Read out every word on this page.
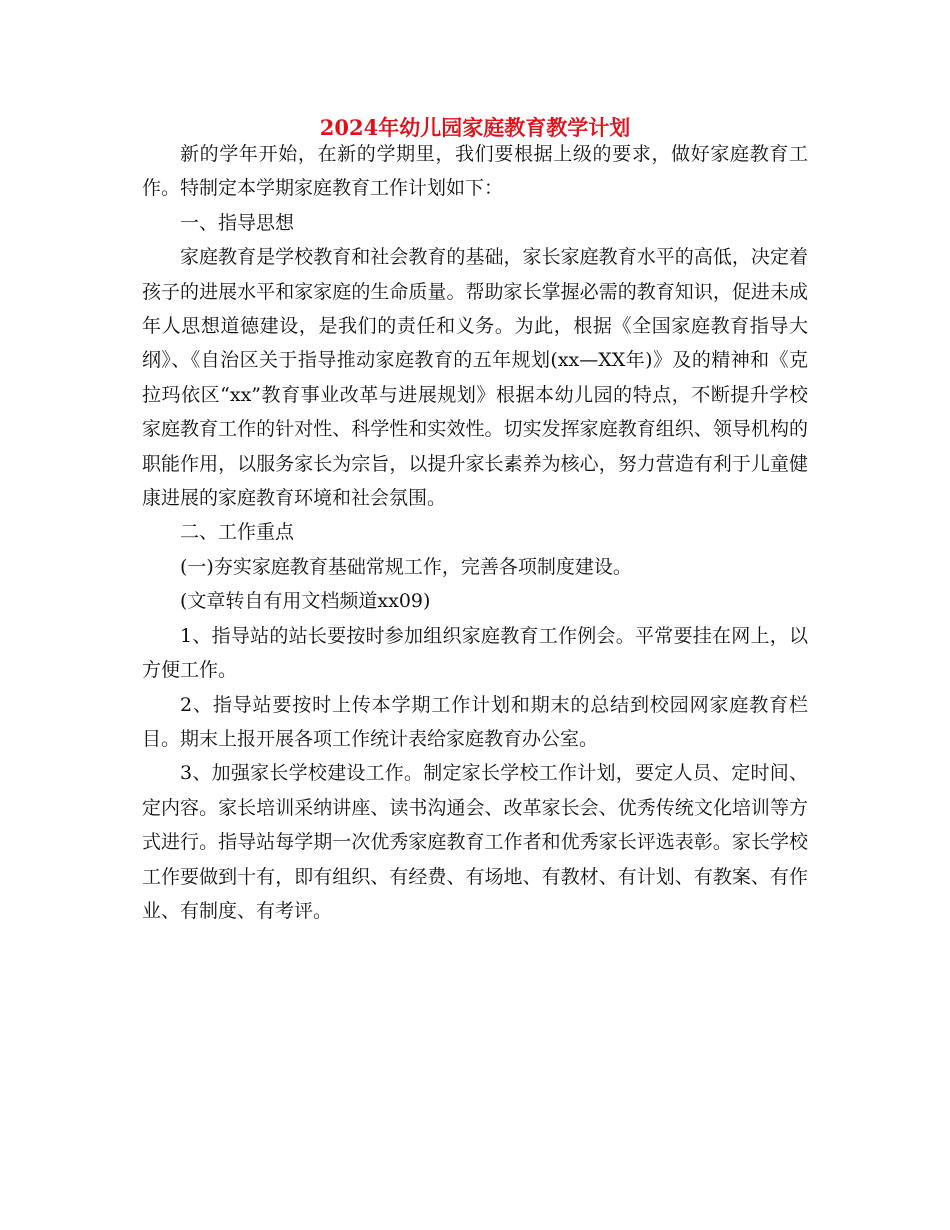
2024年幼儿园家庭教育教学计划

新的学年开始，在新的学期里，我们要根据上级的要求，做好家庭教育工作。特制定本学期家庭教育工作计划如下：

一、指导思想

家庭教育是学校教育和社会教育的基础，家长家庭教育水平的高低，决定着孩子的进展水平和家家庭的生命质量。帮助家长掌握必需的教育知识，促进未成年人思想道德建设，是我们的责任和义务。为此，根据《全国家庭教育指导大纲》、《自治区关于指导推动家庭教育的五年规划(xx—XX年)》及的精神和《克拉玛依区“xx”教育事业改革与进展规划》根据本幼儿园的特点，不断提升学校家庭教育工作的针对性、科学性和实效性。切实发挥家庭教育组织、领导机构的职能作用，以服务家长为宗旨，以提升家长素养为核心，努力营造有利于儿童健康进展的家庭教育环境和社会氛围。

二、工作重点

(一)夯实家庭教育基础常规工作，完善各项制度建设。

(文章转自有用文档频道xx09)

1、指导站的站长要按时参加组织家庭教育工作例会。平常要挂在网上，以方便工作。

2、指导站要按时上传本学期工作计划和期末的总结到校园网家庭教育栏目。期末上报开展各项工作统计表给家庭教育办公室。

3、加强家长学校建设工作。制定家长学校工作计划，要定人员、定时间、定内容。家长培训采纳讲座、读书沟通会、改革家长会、优秀传统文化培训等方式进行。指导站每学期一次优秀家庭教育工作者和优秀家长评选表彰。家长学校工作要做到十有，即有组织、有经费、有场地、有教材、有计划、有教案、有作业、有制度、有考评。
